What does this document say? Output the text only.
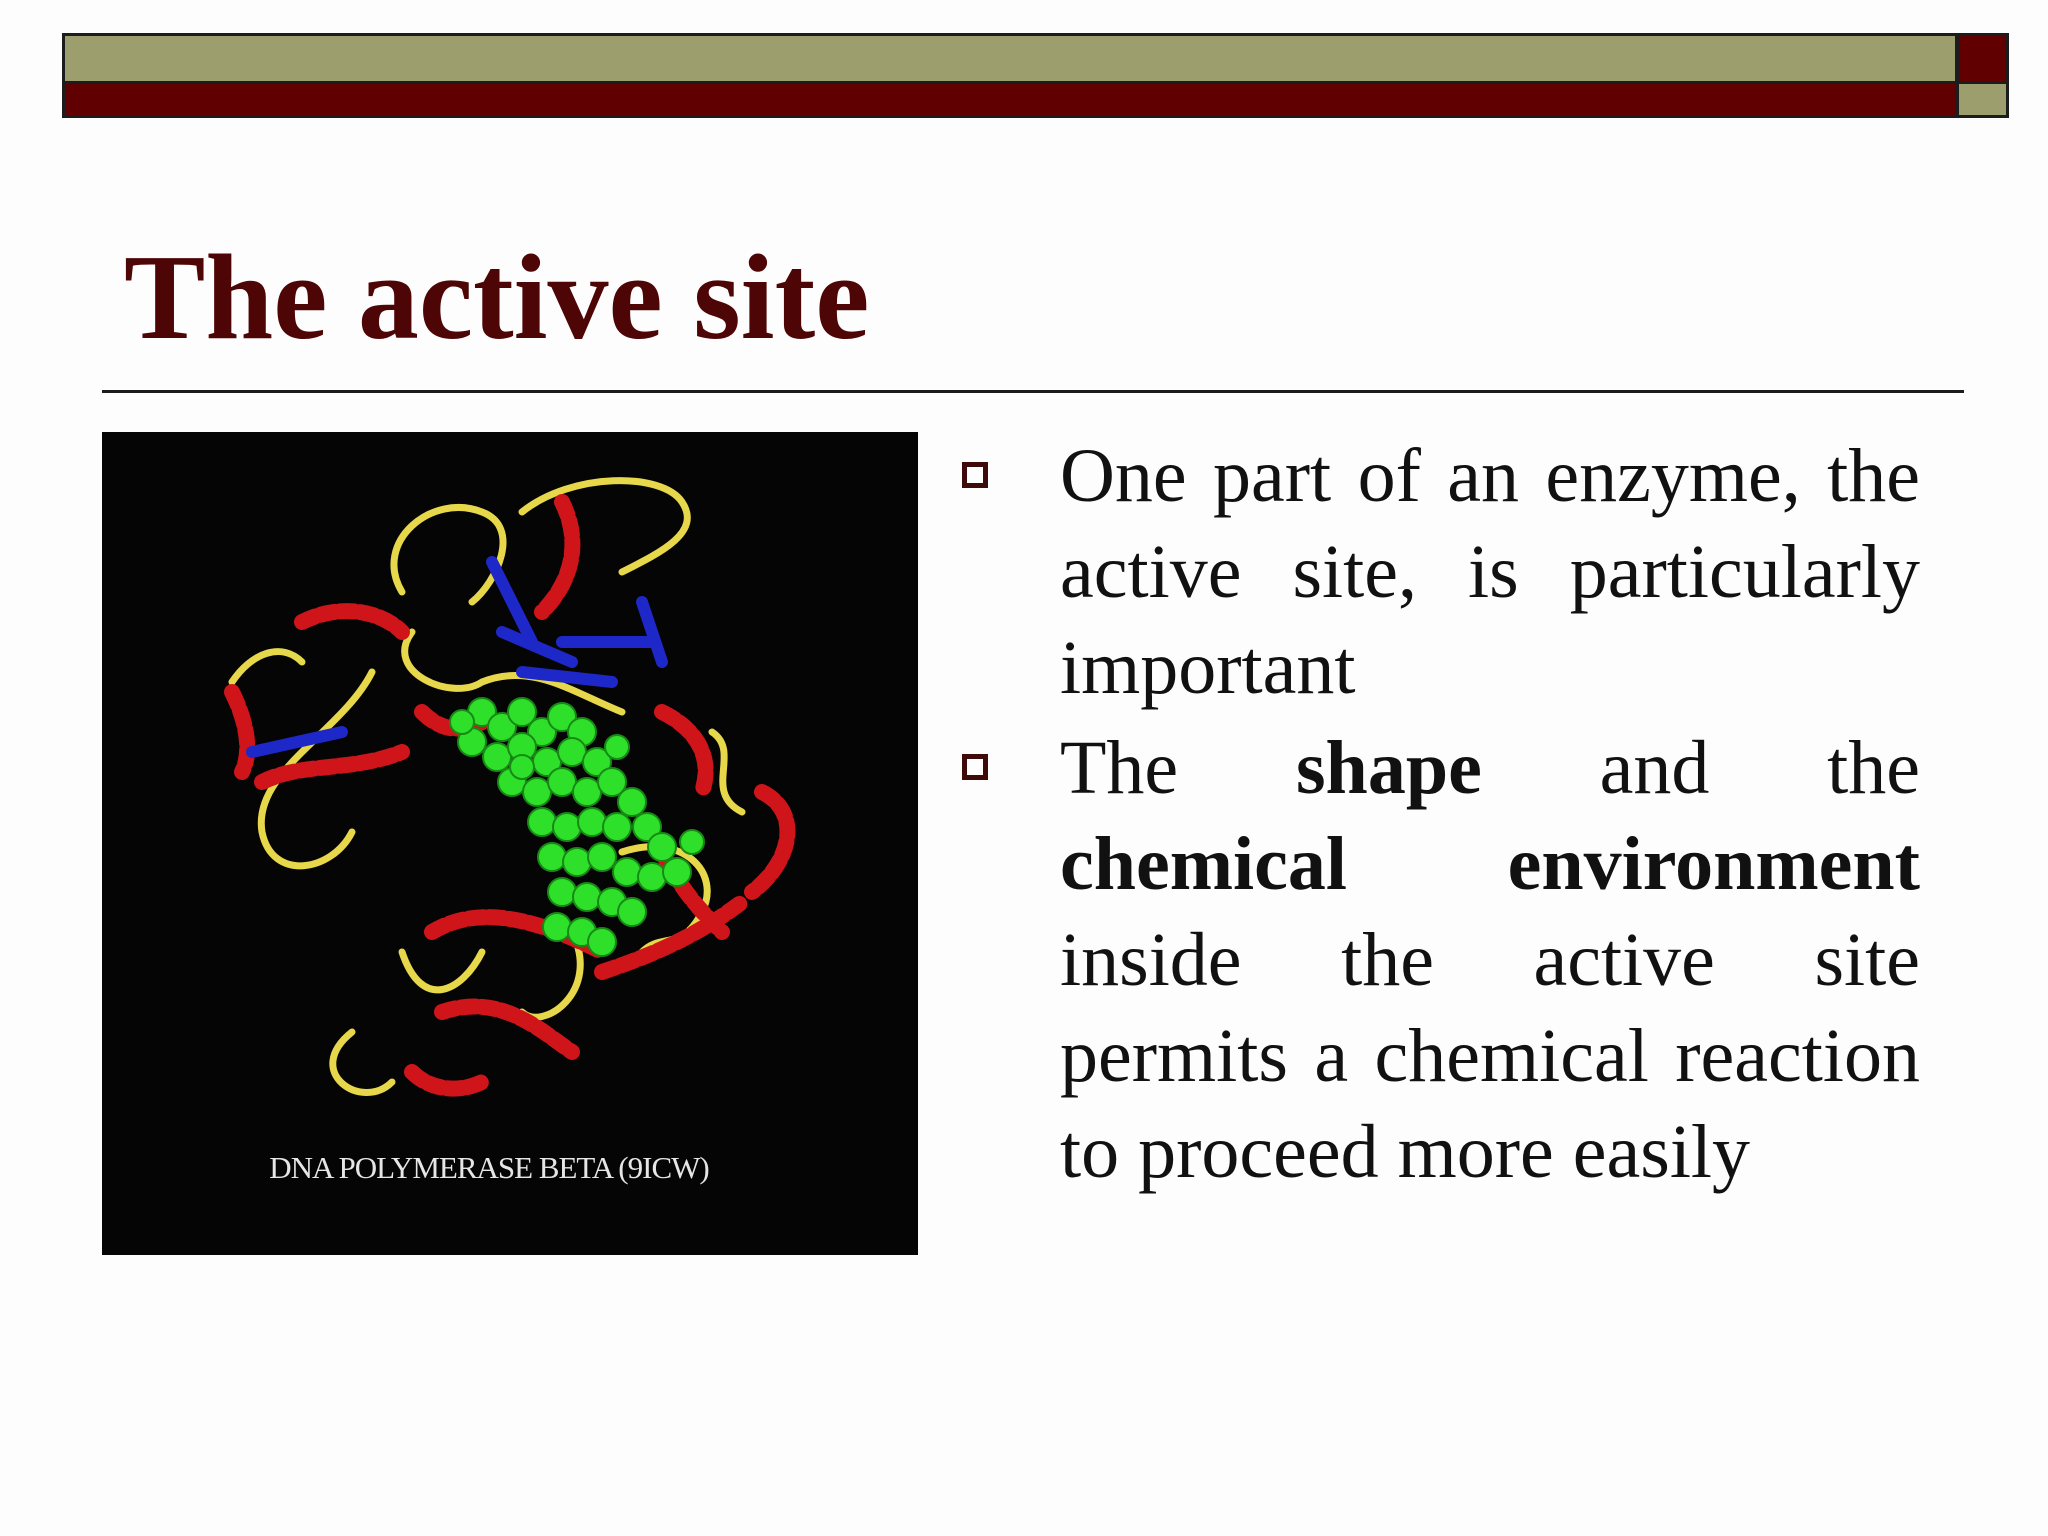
The active site
DNA POLYMERASE BETA (9ICW)
One part of an enzyme, the active site, is particularly important
The shape and the chemical environment inside the active site permits a chemical reaction to proceed more easily
